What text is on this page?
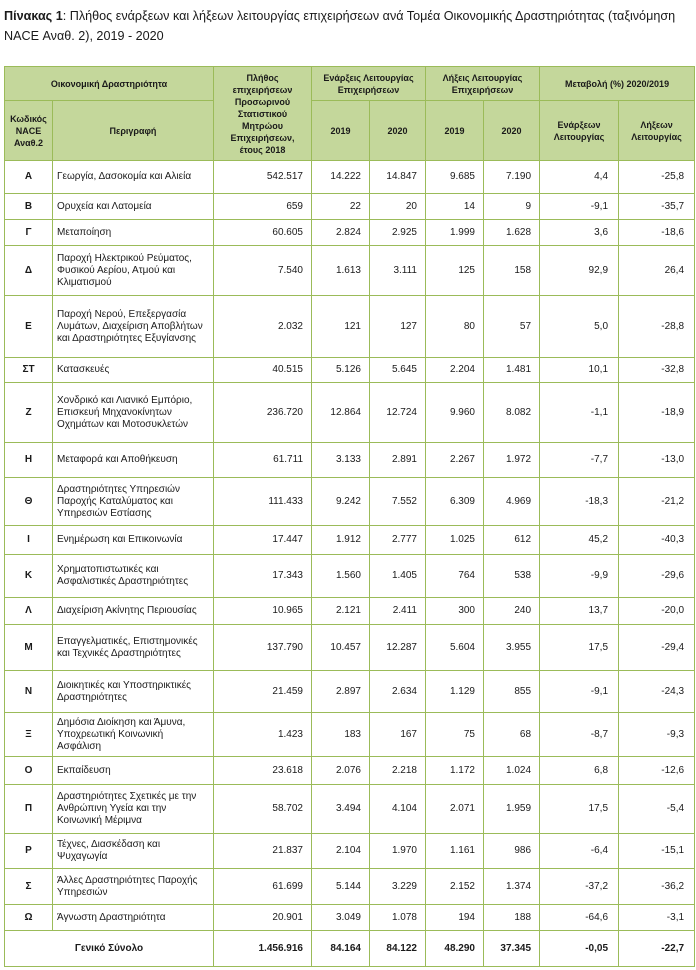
Πίνακας 1: Πλήθος ενάρξεων και λήξεων λειτουργίας επιχειρήσεων ανά Τομέα Οικονομικής Δραστηριότητας (ταξινόμηση NACE Αναθ. 2), 2019 - 2020
Οικονομική Δραστηριότητα		Πλήθος επιχειρήσεων Προσωρινού Στατιστικού Μητρώου Επιχειρήσεων, έτους 2018	Ενάρξεις Λειτουργίας Επιχειρήσεων		Λήξεις Λειτουργίας Επιχειρήσεων		Μεταβολή (%) 2020/2019	
Κωδικός NACE Αναθ.2	Περιγραφή		2019	2020	2019	2020	Ενάρξεων Λειτουργίας	Λήξεων Λειτουργίας
Α	Γεωργία, Δασοκομία και Αλιεία	542.517	14.222	14.847	9.685	7.190	4,4	-25,8
Β	Ορυχεία και Λατομεία	659	22	20	14	9	-9,1	-35,7
Γ	Μεταποίηση	60.605	2.824	2.925	1.999	1.628	3,6	-18,6
Δ	Παροχή Ηλεκτρικού Ρεύματος, Φυσικού Αερίου, Ατμού και Κλιματισμού	7.540	1.613	3.111	125	158	92,9	26,4
Ε	Παροχή Νερού, Επεξεργασία Λυμάτων, Διαχείριση Αποβλήτων και Δραστηριότητες Εξυγίανσης	2.032	121	127	80	57	5,0	-28,8
ΣΤ	Κατασκευές	40.515	5.126	5.645	2.204	1.481	10,1	-32,8
Ζ	Χονδρικό και Λιανικό Εμπόριο, Επισκευή Μηχανοκίνητων Οχημάτων και Μοτοσυκλετών	236.720	12.864	12.724	9.960	8.082	-1,1	-18,9
Η	Μεταφορά και Αποθήκευση	61.711	3.133	2.891	2.267	1.972	-7,7	-13,0
Θ	Δραστηριότητες Υπηρεσιών Παροχής Καταλύματος και Υπηρεσιών Εστίασης	111.433	9.242	7.552	6.309	4.969	-18,3	-21,2
Ι	Ενημέρωση και Επικοινωνία	17.447	1.912	2.777	1.025	612	45,2	-40,3
Κ	Χρηματοπιστωτικές και Ασφαλιστικές Δραστηριότητες	17.343	1.560	1.405	764	538	-9,9	-29,6
Λ	Διαχείριση Ακίνητης Περιουσίας	10.965	2.121	2.411	300	240	13,7	-20,0
Μ	Επαγγελματικές, Επιστημονικές και Τεχνικές Δραστηριότητες	137.790	10.457	12.287	5.604	3.955	17,5	-29,4
Ν	Διοικητικές και Υποστηρικτικές Δραστηριότητες	21.459	2.897	2.634	1.129	855	-9,1	-24,3
Ξ	Δημόσια Διοίκηση και Άμυνα, Υποχρεωτική Κοινωνική Ασφάλιση	1.423	183	167	75	68	-8,7	-9,3
Ο	Εκπαίδευση	23.618	2.076	2.218	1.172	1.024	6,8	-12,6
Π	Δραστηριότητες Σχετικές με την Ανθρώπινη Υγεία και την Κοινωνική Μέριμνα	58.702	3.494	4.104	2.071	1.959	17,5	-5,4
Ρ	Τέχνες, Διασκέδαση και Ψυχαγωγία	21.837	2.104	1.970	1.161	986	-6,4	-15,1
Σ	Άλλες Δραστηριότητες Παροχής Υπηρεσιών	61.699	5.144	3.229	2.152	1.374	-37,2	-36,2
Ω	Άγνωστη Δραστηριότητα	20.901	3.049	1.078	194	188	-64,6	-3,1
Γενικό Σύνολο		1.456.916	84.164	84.122	48.290	37.345	-0,05	-22,7
